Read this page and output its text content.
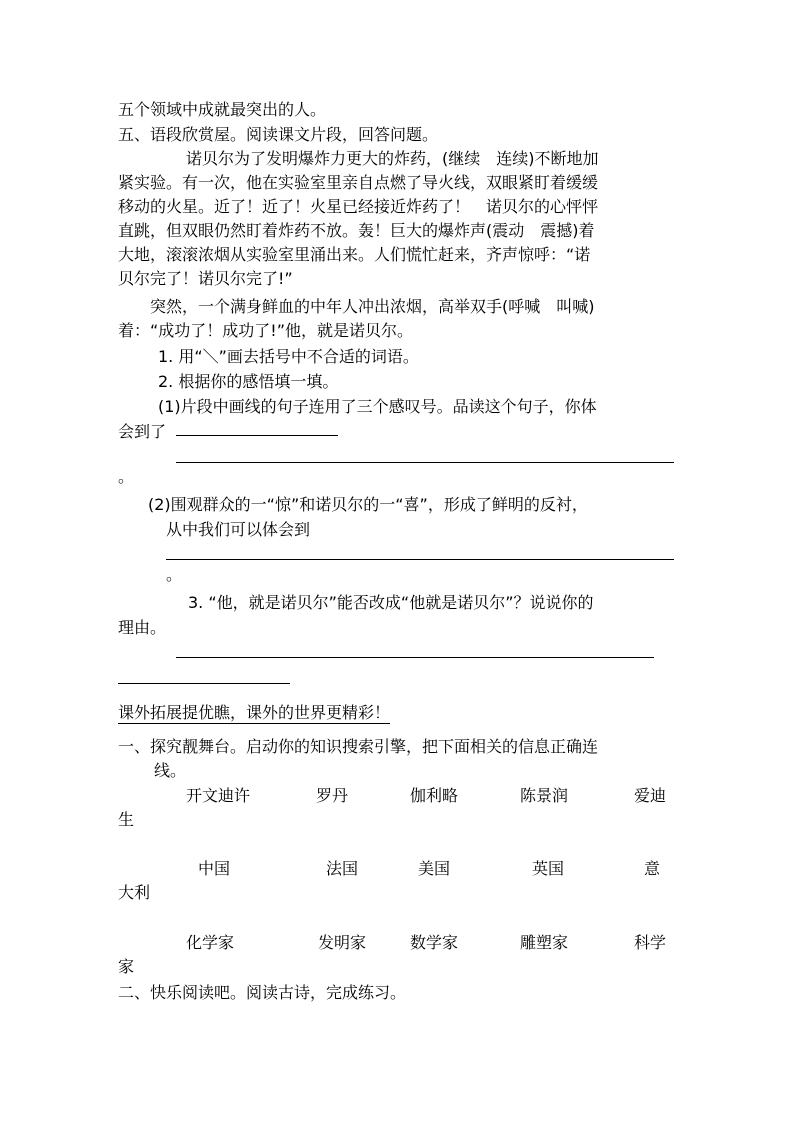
五个领域中成就最突出的人。
五、语段欣赏屋。阅读课文片段，回答问题。
诺贝尔为了发明爆炸力更大的炸药，(继续　连续)不断地加
紧实验。有一次，他在实验室里亲自点燃了导火线，双眼紧盯着缓缓
移动的火星。近了！近了！火星已经接近炸药了！　诺贝尔的心怦怦
直跳，但双眼仍然盯着炸药不放。轰！巨大的爆炸声(震动　震撼)着
大地，滚滚浓烟从实验室里涌出来。人们慌忙赶来，齐声惊呼：“诺
贝尔完了！诺贝尔完了!”
突然，一个满身鲜血的中年人冲出浓烟，高举双手(呼喊　叫喊)
着：“成功了！成功了!”他，就是诺贝尔。
1. 用“＼”画去括号中不合适的词语。
2. 根据你的感悟填一填。
(1)片段中画线的句子连用了三个感叹号。品读这个句子，你体
会到了
。
(2)围观群众的一“惊”和诺贝尔的一“喜”，形成了鲜明的反衬，
从中我们可以体会到
。
3. “他，就是诺贝尔”能否改成“他就是诺贝尔”？说说你的
理由。
课外拓展提优瞧，课外的世界更精彩！
一、探究靓舞台。启动你的知识搜索引擎，把下面相关的信息正确连
线。
开文迪许	罗丹	伽利略	陈景润	爱迪
生
中国	法国	美国	英国	意
大利
化学家	发明家	数学家	雕塑家	科学
家
二、快乐阅读吧。阅读古诗，完成练习。
